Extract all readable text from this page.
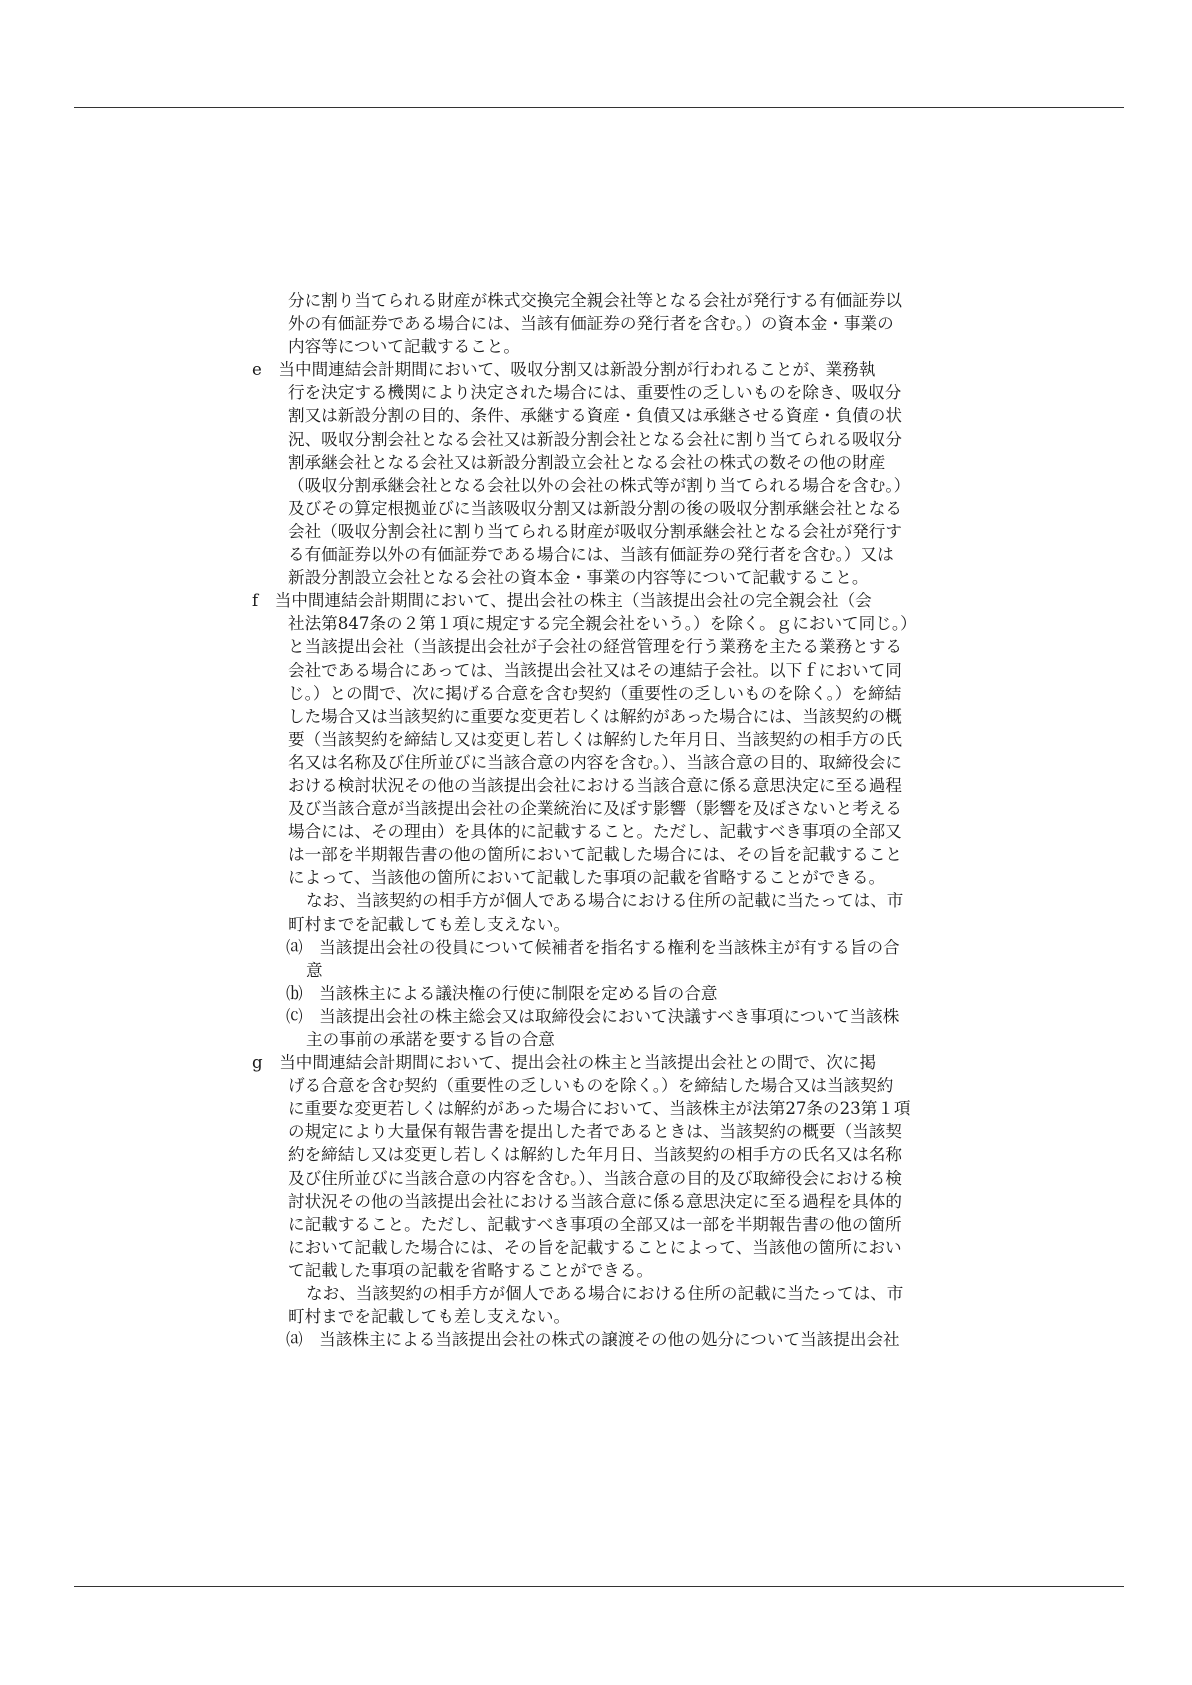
分に割り当てられる財産が株式交換完全親会社等となる会社が発行する有価証券以
外の有価証券である場合には、当該有価証券の発行者を含む。）の資本金・事業の
内容等について記載すること。
e　当中間連結会計期間において、吸収分割又は新設分割が行われることが、業務執
行を決定する機関により決定された場合には、重要性の乏しいものを除き、吸収分
割又は新設分割の目的、条件、承継する資産・負債又は承継させる資産・負債の状
況、吸収分割会社となる会社又は新設分割会社となる会社に割り当てられる吸収分
割承継会社となる会社又は新設分割設立会社となる会社の株式の数その他の財産
（吸収分割承継会社となる会社以外の会社の株式等が割り当てられる場合を含む。）
及びその算定根拠並びに当該吸収分割又は新設分割の後の吸収分割承継会社となる
会社（吸収分割会社に割り当てられる財産が吸収分割承継会社となる会社が発行す
る有価証券以外の有価証券である場合には、当該有価証券の発行者を含む。）又は
新設分割設立会社となる会社の資本金・事業の内容等について記載すること。
f　当中間連結会計期間において、提出会社の株主（当該提出会社の完全親会社（会
社法第847条の２第１項に規定する完全親会社をいう。）を除く。ｇにおいて同じ。）
と当該提出会社（当該提出会社が子会社の経営管理を行う業務を主たる業務とする
会社である場合にあっては、当該提出会社又はその連結子会社。以下ｆにおいて同
じ。）との間で、次に掲げる合意を含む契約（重要性の乏しいものを除く。）を締結
した場合又は当該契約に重要な変更若しくは解約があった場合には、当該契約の概
要（当該契約を締結し又は変更し若しくは解約した年月日、当該契約の相手方の氏
名又は名称及び住所並びに当該合意の内容を含む。）、当該合意の目的、取締役会に
おける検討状況その他の当該提出会社における当該合意に係る意思決定に至る過程
及び当該合意が当該提出会社の企業統治に及ぼす影響（影響を及ぼさないと考える
場合には、その理由）を具体的に記載すること。ただし、記載すべき事項の全部又
は一部を半期報告書の他の箇所において記載した場合には、その旨を記載すること
によって、当該他の箇所において記載した事項の記載を省略することができる。
なお、当該契約の相手方が個人である場合における住所の記載に当たっては、市
町村までを記載しても差し支えない。
⒜　当該提出会社の役員について候補者を指名する権利を当該株主が有する旨の合
意
⒝　当該株主による議決権の行使に制限を定める旨の合意
⒞　当該提出会社の株主総会又は取締役会において決議すべき事項について当該株
主の事前の承諾を要する旨の合意
g　当中間連結会計期間において、提出会社の株主と当該提出会社との間で、次に掲
げる合意を含む契約（重要性の乏しいものを除く。）を締結した場合又は当該契約
に重要な変更若しくは解約があった場合において、当該株主が法第27条の23第１項
の規定により大量保有報告書を提出した者であるときは、当該契約の概要（当該契
約を締結し又は変更し若しくは解約した年月日、当該契約の相手方の氏名又は名称
及び住所並びに当該合意の内容を含む。）、当該合意の目的及び取締役会における検
討状況その他の当該提出会社における当該合意に係る意思決定に至る過程を具体的
に記載すること。ただし、記載すべき事項の全部又は一部を半期報告書の他の箇所
において記載した場合には、その旨を記載することによって、当該他の箇所におい
て記載した事項の記載を省略することができる。
なお、当該契約の相手方が個人である場合における住所の記載に当たっては、市
町村までを記載しても差し支えない。
⒜　当該株主による当該提出会社の株式の譲渡その他の処分について当該提出会社
